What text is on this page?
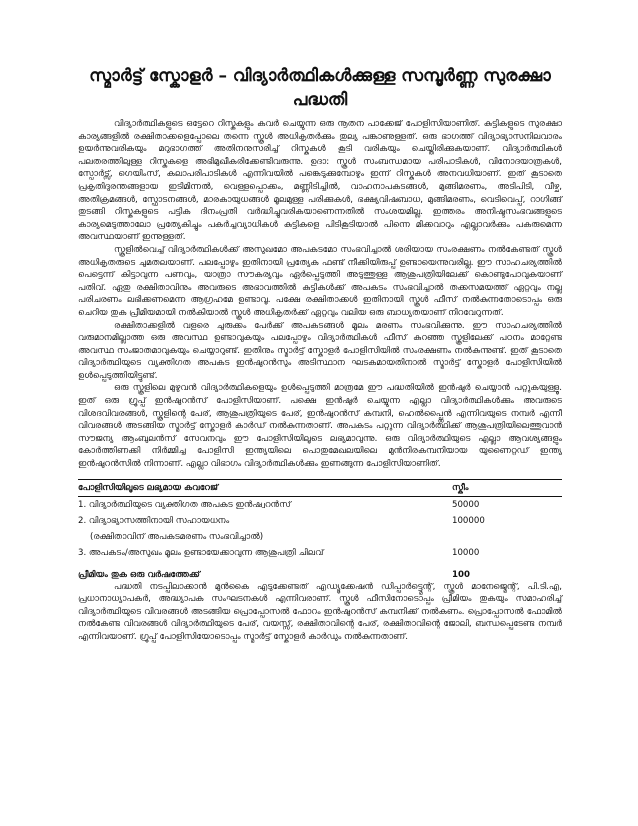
സ്മാർട്ട് സ്കോളർ – വിദ്യാർത്ഥികൾക്കുള്ള സമ്പൂർണ്ണ സുരക്ഷാ
പദ്ധതി

വിദ്യാർത്ഥികളുടെ ഒട്ടേറെ റിസ്കുകളും കവർ ചെയ്യുന്ന ഒരു നൂതന പാക്കേജ് പോളിസിയാണിത്. കുട്ടികളുടെ സുരക്ഷാ കാര്യങ്ങളിൽ രക്ഷിതാക്കളെപ്പോലെ തന്നെ സ്കൂൾ അധികൃതർക്കും തുല്യ പങ്കാണുള്ളത്. ഒരു ഭാഗത്ത് വിദ്യാഭ്യാസനിലവാരം ഉയർന്നുവരികയും മറുഭാഗത്ത് അതിനനുസരിച്ച് റിസ്കുകൾ കൂടി വരികയും ചെയ്തിരിക്കുകയാണ്. വിദ്യാർത്ഥികൾ പലതരത്തിലുള്ള റിസ്കുകളെ അഭിമുഖീകരിക്കേണ്ടിവരുന്നു. ഉദാ: സ്കൂൾ സംബന്ധമായ പരിപാടികൾ, വിനോദയാത്രകൾ, സ്പോർട്സ്, ഗെയിംസ്, കലാപരിപാടികൾ എന്നിവയിൽ പങ്കെടുക്കുമ്പോഴും ഇന്ന് റിസ്കുകൾ അനവധിയാണ്. ഇത് കൂടാതെ പ്രകൃതിദുരന്തങ്ങളായ ഇടിമിന്നൽ, വെള്ളപ്പൊക്കം, മണ്ണിടിച്ചിൽ, വാഹനാപകടങ്ങൾ, മുങ്ങിമരണം, അടിപിടി, വീഴ്ച, അതിക്രമങ്ങൾ, സ്ഫോടനങ്ങൾ, മാരകായുധങ്ങൾ മൂലമുള്ള പരിക്കുകൾ, ഭക്ഷ്യവിഷബാധ, മുങ്ങിമരണം, വെടിവെപ്പ്, റാഗിങ്ങ് തുടങ്ങി റിസ്കുകളുടെ പട്ടിക ദിനംപ്രതി വർദ്ധിച്ചുവരികയാണെന്നതിൽ സംശയമില്ല. ഇത്തരം അനിഷ്ടസംഭവങ്ങളുടെ കാര്യമെടുത്താലോ പ്രത്യേകിച്ചും പകർച്ചവ്യാധികൾ കുട്ടികളെ പിടികൂടിയാൽ പിന്നെ മിക്കവാറും എല്ലാവർക്കും പകരുമെന്ന അവസ്ഥയാണ് ഇന്നുള്ളത്.

സ്കൂളിൽവെച്ച് വിദ്യാർത്ഥികൾക്ക് അസുഖമോ അപകടമോ സംഭവിച്ചാൽ ശരിയായ സംരക്ഷണം നൽകേണ്ടത് സ്കൂൾ അധികൃതരുടെ ചുമതലയാണ്. പലപ്പോഴും ഇതിനായി പ്രത്യേക ഫണ്ട് നീക്കിയിരുപ്പ് ഉണ്ടായെന്നുവരില്ല. ഈ സാഹചര്യത്തിൽ പെട്ടെന്ന് കിട്ടാവുന്ന പണവും, യാത്രാ സൗകര്യവും ഏർപ്പെടുത്തി അടുത്തുള്ള ആശുപത്രിയിലേക്ക് കൊണ്ടുപോവുകയാണ് പതിവ്. ഏതു രക്ഷിതാവിനും അവരുടെ അഭാവത്തിൽ കുട്ടികൾക്ക് അപകടം സംഭവിച്ചാൽ തക്കസമയത്ത് ഏറ്റവും നല്ല പരിചരണം ലഭിക്കണമെന്ന ആഗ്രഹമേ ഉണ്ടാവൂ. പക്ഷേ രക്ഷിതാക്കൾ ഇതിനായി സ്കൂൾ ഫീസ് നൽകുന്നതോടൊപ്പം ഒരു ചെറിയ തുക പ്രീമിയമായി നൽകിയാൽ സ്കൂൾ അധികൃതർക്ക് ഏറ്റവും വലിയ ഒരു ബാധ്യതയാണ് നിറവേറുന്നത്.

രക്ഷിതാക്കളിൽ വളരെ ചുരുക്കം പേർക്ക് അപകടങ്ങൾ മൂലം മരണം സംഭവിക്കുന്നു. ഈ സാഹചര്യത്തിൽ വരുമാനമില്ലാത്ത ഒരു അവസ്ഥ ഉണ്ടാവുകയും പലപ്പോഴും വിദ്യാർത്ഥികൾ ഫീസ് കുറഞ്ഞ സ്കൂളിലേക്ക് പഠനം മാറ്റേണ്ട അവസ്ഥ സംജാതമാവുകയും ചെയ്യാറുണ്ട്. ഇതിനും സ്മാർട്ട് സ്കോളർ പോളിസിയിൽ സംരക്ഷണം നൽകുന്നുണ്ട്. ഇത് കൂടാതെ വിദ്യാർത്ഥിയുടെ വ്യക്തിഗത അപകട ഇൻഷുറൻസും അടിസ്ഥാന ഘടകമായതിനാൽ സ്മാർട്ട് സ്കോളർ പോളിസിയിൽ ഉൾപ്പെടുത്തിയിട്ടുണ്ട്.

ഒരു സ്കൂളിലെ മുഴുവൻ വിദ്യാർത്ഥികളെയും ഉൾപ്പെടുത്തി മാത്രമേ ഈ പദ്ധതിയിൽ ഇൻഷുർ ചെയ്യാൻ പറ്റുകയുള്ളൂ. ഇത് ഒരു ഗ്രൂപ്പ് ഇൻഷുറൻസ് പോളിസിയാണ്. പക്ഷെ ഇൻഷുർ ചെയ്യുന്ന എല്ലാ വിദ്യാർത്ഥികൾക്കും അവരുടെ വിശദവിവരങ്ങൾ, സ്കൂളിന്റെ പേര്, ആശുപത്രിയുടെ പേര്, ഇൻഷുറൻസ് കമ്പനി, ഹെൽപ്പ്ലൈൻ എന്നിവയുടെ നമ്പർ എന്നീ വിവരങ്ങൾ അടങ്ങിയ സ്മാർട്ട് സ്കോളർ കാർഡ് നൽകുന്നതാണ്. അപകടം പറ്റുന്ന വിദ്യാർത്ഥിക്ക് ആശുപത്രിയിലെത്തുവാൻ സൗജന്യ ആംബുലൻസ് സേവനവും ഈ പോളിസിയിലൂടെ ലഭ്യമാവുന്നു. ഒരു വിദ്യാർത്ഥിയുടെ എല്ലാ ആവശ്യങ്ങളും കോർത്തിണക്കി നിർമ്മിച്ച പോളിസി ഇന്ത്യയിലെ പൊതുമേഖലയിലെ മുൻനിരകമ്പനിയായ യുണൈറ്റഡ് ഇന്ത്യ ഇൻഷുറൻസിൽ നിന്നാണ്. എല്ലാ വിഭാഗം വിദ്യാർത്ഥികൾക്കും ഇണങ്ങുന്ന പോളിസിയാണിത്.

പോളിസിയിലൂടെ ലഭ്യമായ കവറേജ്	സ്കീം
1. വിദ്യാർത്ഥിയുടെ വ്യക്തിഗത അപകട ഇൻഷ്വറൻസ്	50000
2. വിദ്യാഭ്യാസത്തിനായി സഹായധനം	100000
(രക്ഷിതാവിന് അപകടമരണം സംഭവിച്ചാൽ)	
3. അപകടം/അസുഖം മൂലം ഉണ്ടായേക്കാവുന്ന ആശുപത്രി ചിലവ്	10000
പ്രീമിയം തുക ഒരു വർഷത്തേക്ക്	100

പദ്ധതി നടപ്പിലാക്കാൻ മുൻകൈ എടുക്കേണ്ടത് എഡ്യൂക്കേഷൻ ഡിപ്പാർട്ട്മെന്റ്, സ്കൂൾ മാനേജ്മെന്റ്, പി.ടി.എ, പ്രധാനാധ്യാപകർ, അദ്ധ്യാപക സംഘടനകൾ എന്നിവരാണ്. സ്കൂൾ ഫീസിനോടൊപ്പം പ്രീമിയം തുകയും സമാഹരിച്ച് വിദ്യാർത്ഥിയുടെ വിവരങ്ങൾ അടങ്ങിയ പ്രൊപ്പോസൽ ഫോറം ഇൻഷുറൻസ് കമ്പനിക്ക് നൽകണം. പ്രൊപ്പോസൽ ഫോമിൽ നൽകേണ്ട വിവരങ്ങൾ വിദ്യാർത്ഥിയുടെ പേര്, വയസ്സ്, രക്ഷിതാവിന്റെ പേര്, രക്ഷിതാവിന്റെ ജോലി, ബന്ധപ്പെടേണ്ട നമ്പർ എന്നിവയാണ്. ഗ്രൂപ്പ് പോളിസിയോടൊപ്പം സ്മാർട്ട് സ്കോളർ കാർഡും നൽകുന്നതാണ്.
